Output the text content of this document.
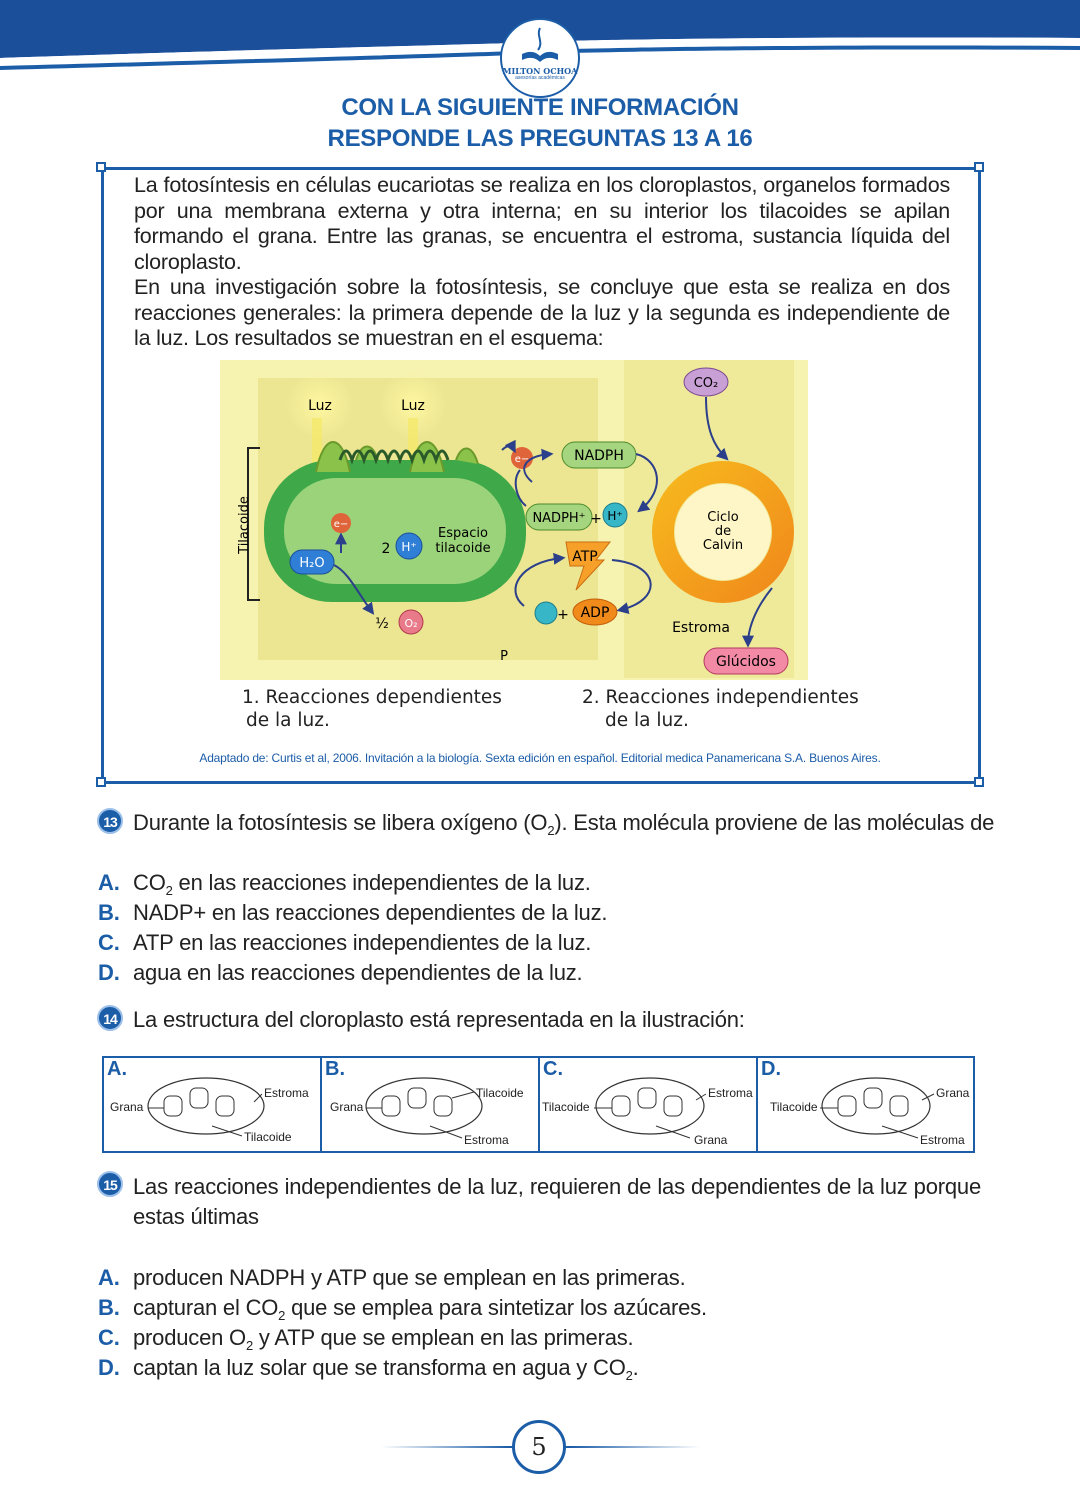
MILTON OCHOA
asesorías académicas
CON LA SIGUIENTE INFORMACIÓN
RESPONDE LAS PREGUNTAS 13 A 16
La fotosíntesis en células eucariotas se realiza en los cloroplastos, organelos formados por una membrana externa y otra interna; en su interior los tilacoides se apilan formando el grana. Entre las granas, se encuentra el estroma, sustancia líquida del cloroplasto.
En una investigación sobre la fotosíntesis, se concluye que esta se realiza en dos reacciones generales: la primera depende de la luz y la segunda es independiente de la luz. Los resultados se muestran en el esquema:
Luz	Luz
Tilacoide	e−
H₂O
2 H⁺
Espacio
tilacoide
½ O₂
P
e−	NADPH
NADPH⁺ + H⁺
ATP
+ ADP
CO₂
Ciclo
de
Calvin
Estroma
Glúcidos
1. Reacciones dependientes
de la luz.
2. Reacciones independientes
de la luz.
Adaptado de: Curtis et al, 2006. Invitación a la biología. Sexta edición en español. Editorial medica Panamericana S.A. Buenos Aires.
13 Durante la fotosíntesis se libera oxígeno $(O_2)$. Esta molécula proviene de las moléculas de
A. $CO_2$ en las reacciones independientes de la luz.
B. NADP+ en las reacciones dependientes de la luz.
C. ATP en las reacciones independientes de la luz.
D. agua en las reacciones dependientes de la luz.
14 La estructura del cloroplasto está representada en la ilustración:
A.
Grana
Estroma
Tilacoide
B.
Grana
Tilacoide
Estroma
C.
Tilacoide
Estroma
Grana
D.
Tilacoide
Grana
Estroma
15 Las reacciones independientes de la luz, requieren de las dependientes de la luz porque
estas últimas
A. producen NADPH y ATP que se emplean en las primeras.
B. capturan el $CO_2$ que se emplea para sintetizar los azúcares.
C. producen $O_2$ y ATP que se emplean en las primeras.
D. captan la luz solar que se transforma en agua y $CO_2$.
5
